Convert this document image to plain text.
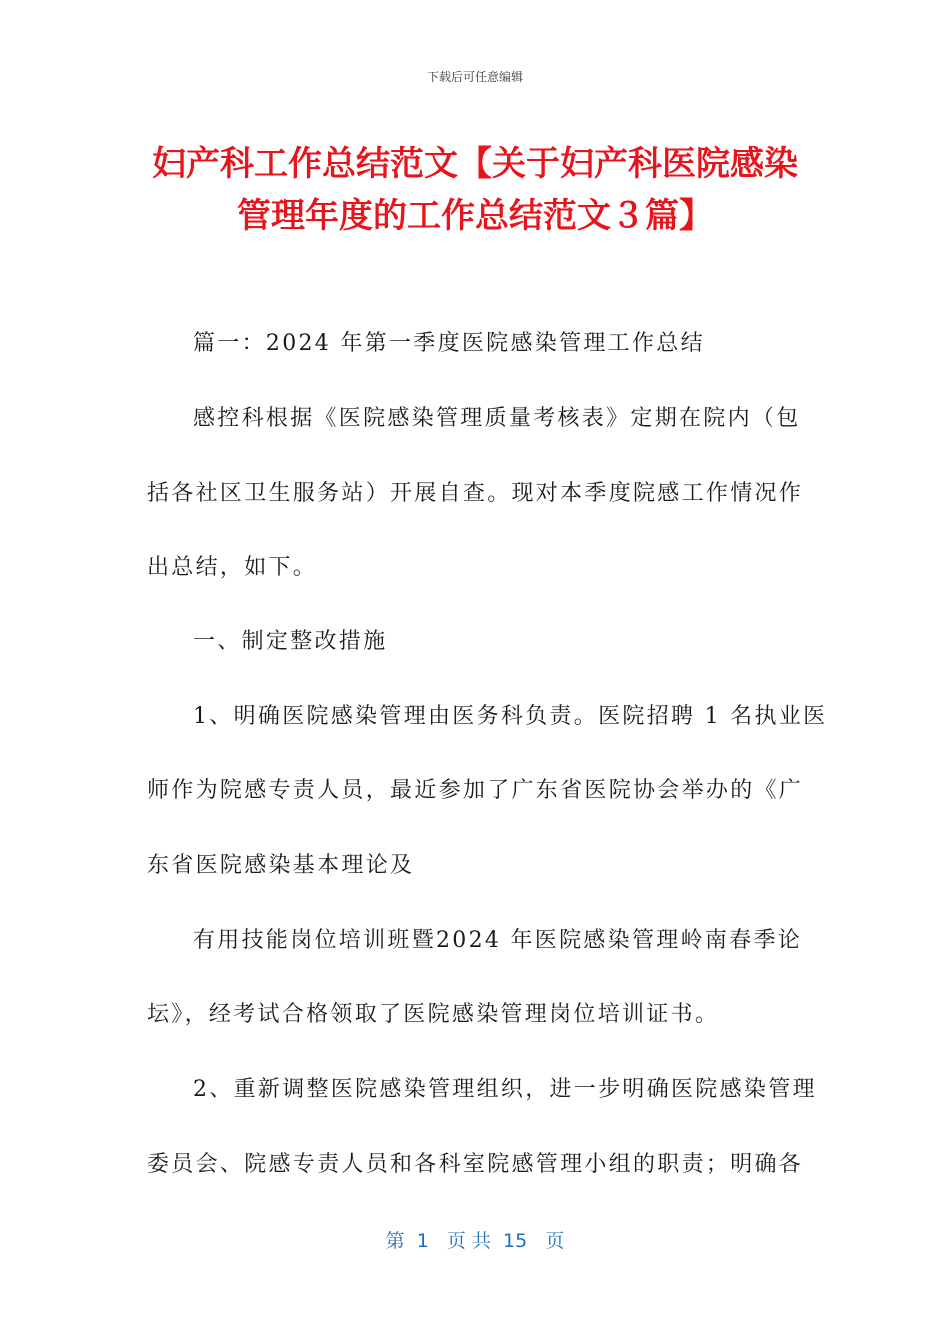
下载后可任意编辑
妇产科工作总结范文【关于妇产科医院感染
管理年度的工作总结范文３篇】
篇一：2024 年第一季度医院感染管理工作总结
感控科根据《医院感染管理质量考核表》定期在院内（包
括各社区卫生服务站）开展自查。现对本季度院感工作情况作
出总结，如下。
一、制定整改措施
1、明确医院感染管理由医务科负责。医院招聘 1 名执业医
师作为院感专责人员，最近参加了广东省医院协会举办的《广
东省医院感染基本理论及
有用技能岗位培训班暨2024 年医院感染管理岭南春季论
坛》，经考试合格领取了医院感染管理岗位培训证书。
2、重新调整医院感染管理组织，进一步明确医院感染管理
委员会、院感专责人员和各科室院感管理小组的职责；明确各
第  1   页 共  15   页
